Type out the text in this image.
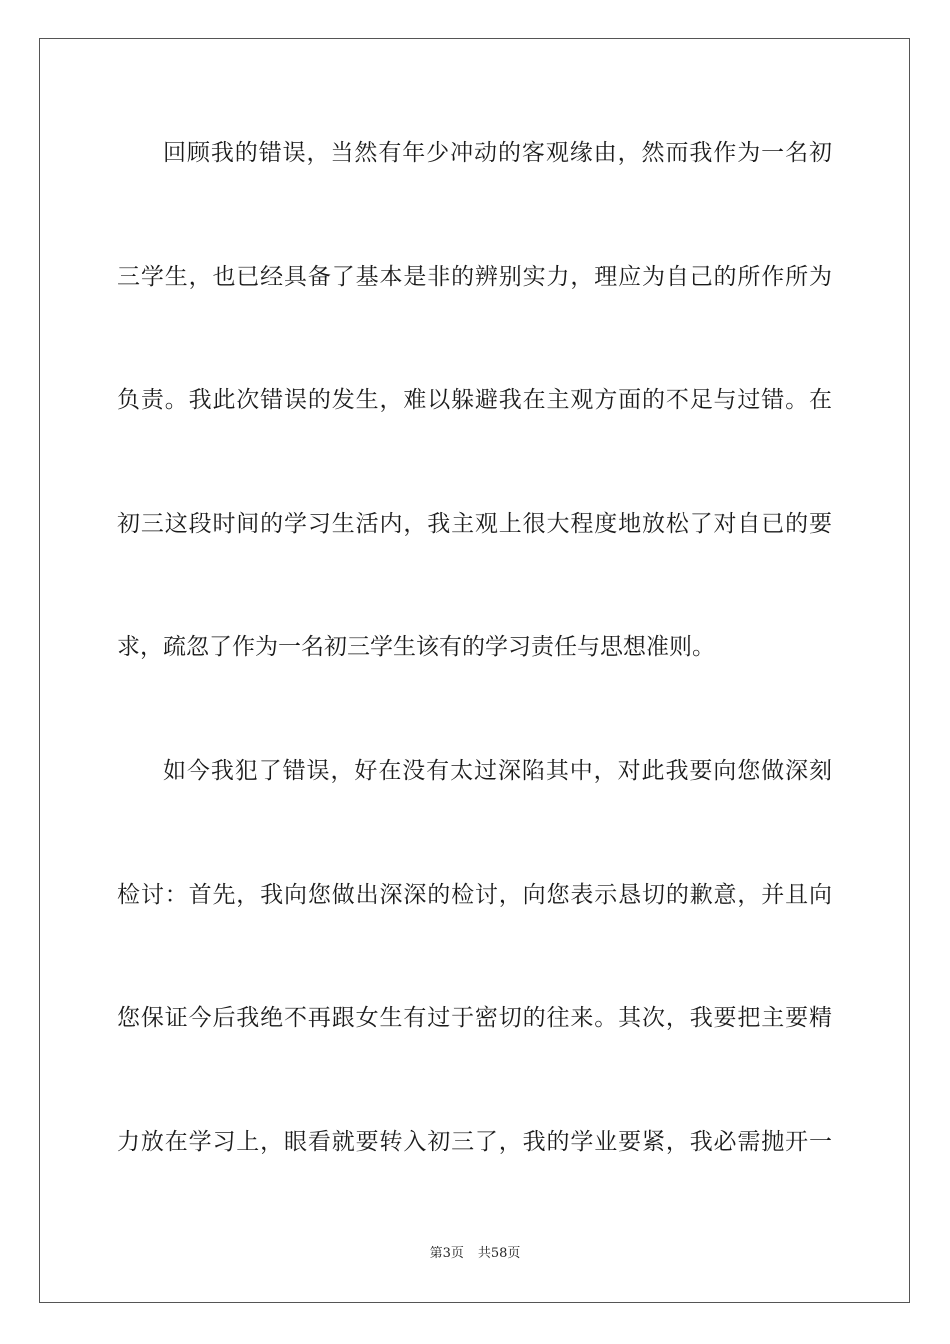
回顾我的错误，当然有年少冲动的客观缘由，然而我作为一名初

三学生，也已经具备了基本是非的辨别实力，理应为自己的所作所为

负责。我此次错误的发生，难以躲避我在主观方面的不足与过错。在

初三这段时间的学习生活内，我主观上很大程度地放松了对自已的要

求，疏忽了作为一名初三学生该有的学习责任与思想准则。

如今我犯了错误，好在没有太过深陷其中，对此我要向您做深刻

检讨：首先，我向您做出深深的检讨，向您表示恳切的歉意，并且向

您保证今后我绝不再跟女生有过于密切的往来。其次，我要把主要精

力放在学习上，眼看就要转入初三了，我的学业要紧，我必需抛开一

第3页 共58页
